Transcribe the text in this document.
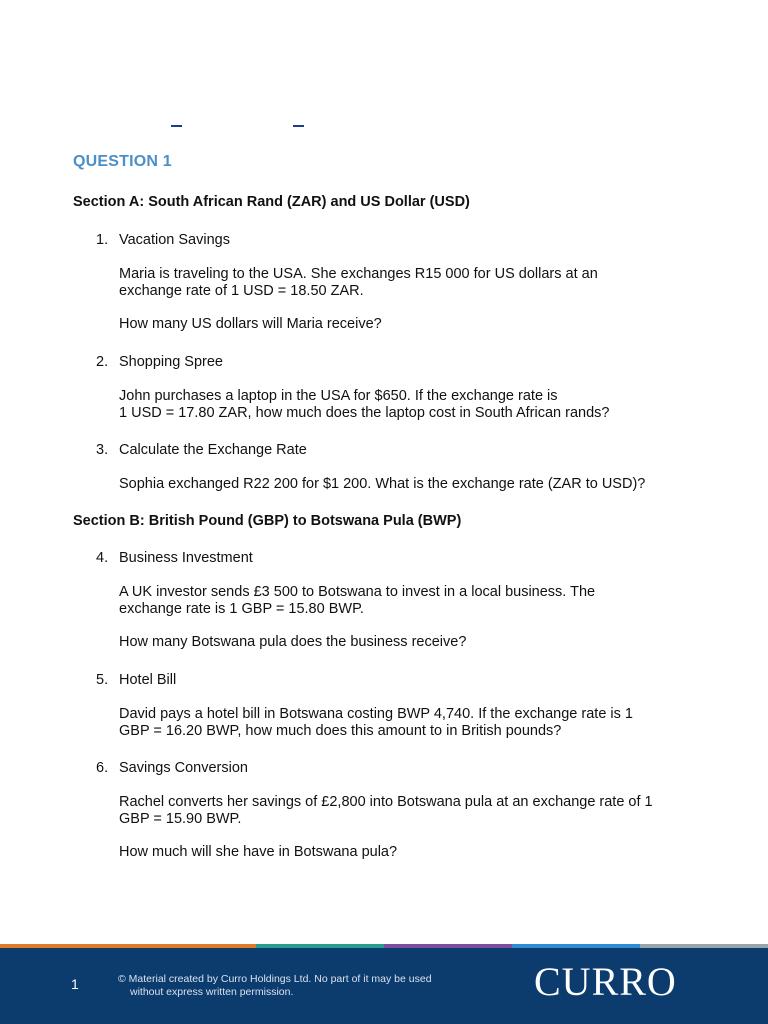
QUESTION 1
Section A: South African Rand (ZAR) and US Dollar (USD)
1. Vacation Savings

Maria is traveling to the USA. She exchanges R15 000 for US dollars at an
exchange rate of 1 USD = 18.50 ZAR.

How many US dollars will Maria receive?

2. Shopping Spree

John purchases a laptop in the USA for $650. If the exchange rate is
1 USD = 17.80 ZAR, how much does the laptop cost in South African rands?

3. Calculate the Exchange Rate

Sophia exchanged R22 200 for $1 200. What is the exchange rate (ZAR to USD)?

Section B: British Pound (GBP) to Botswana Pula (BWP)
4. Business Investment

A UK investor sends £3 500 to Botswana to invest in a local business. The
exchange rate is 1 GBP = 15.80 BWP.

How many Botswana pula does the business receive?

5. Hotel Bill

David pays a hotel bill in Botswana costing BWP 4,740. If the exchange rate is 1
GBP = 16.20 BWP, how much does this amount to in British pounds?

6. Savings Conversion

Rachel converts her savings of £2,800 into Botswana pula at an exchange rate of 1
GBP = 15.90 BWP.

How much will she have in Botswana pula?

1	© Material created by Curro Holdings Ltd. No part of it may be used
without express written permission.	CURRO
